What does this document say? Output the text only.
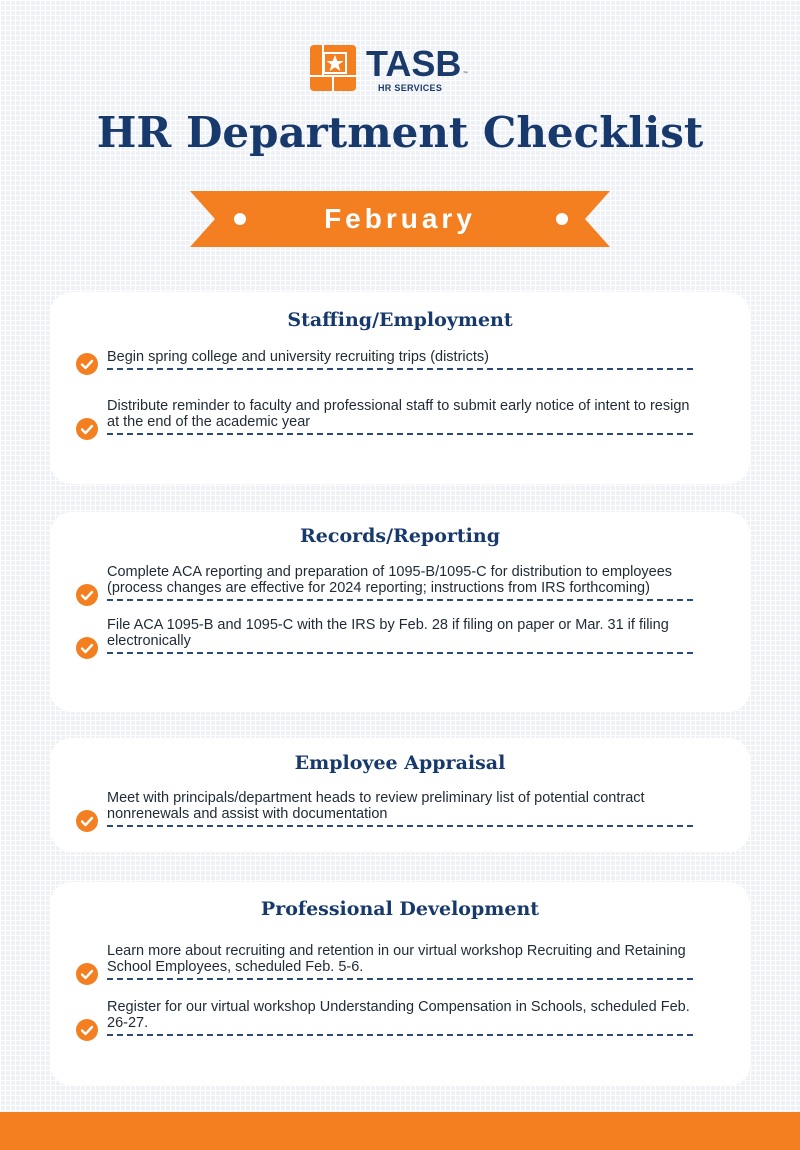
TASB ™
HR SERVICES
HR Department Checklist
February
Staffing/Employment
Begin spring college and university recruiting trips (districts)
Distribute reminder to faculty and professional staff to submit early notice of intent to resign at the end of the academic year
Records/Reporting
Complete ACA reporting and preparation of 1095-B/1095-C for distribution to employees (process changes are effective for 2024 reporting; instructions from IRS forthcoming)
File ACA 1095-B and 1095-C with the IRS by Feb. 28 if filing on paper or Mar. 31 if filing electronically
Employee Appraisal
Meet with principals/department heads to review preliminary list of potential contract nonrenewals and assist with documentation
Professional Development
Learn more about recruiting and retention in our virtual workshop Recruiting and Retaining School Employees, scheduled Feb. 5-6.
Register for our virtual workshop Understanding Compensation in Schools, scheduled Feb. 26-27.
